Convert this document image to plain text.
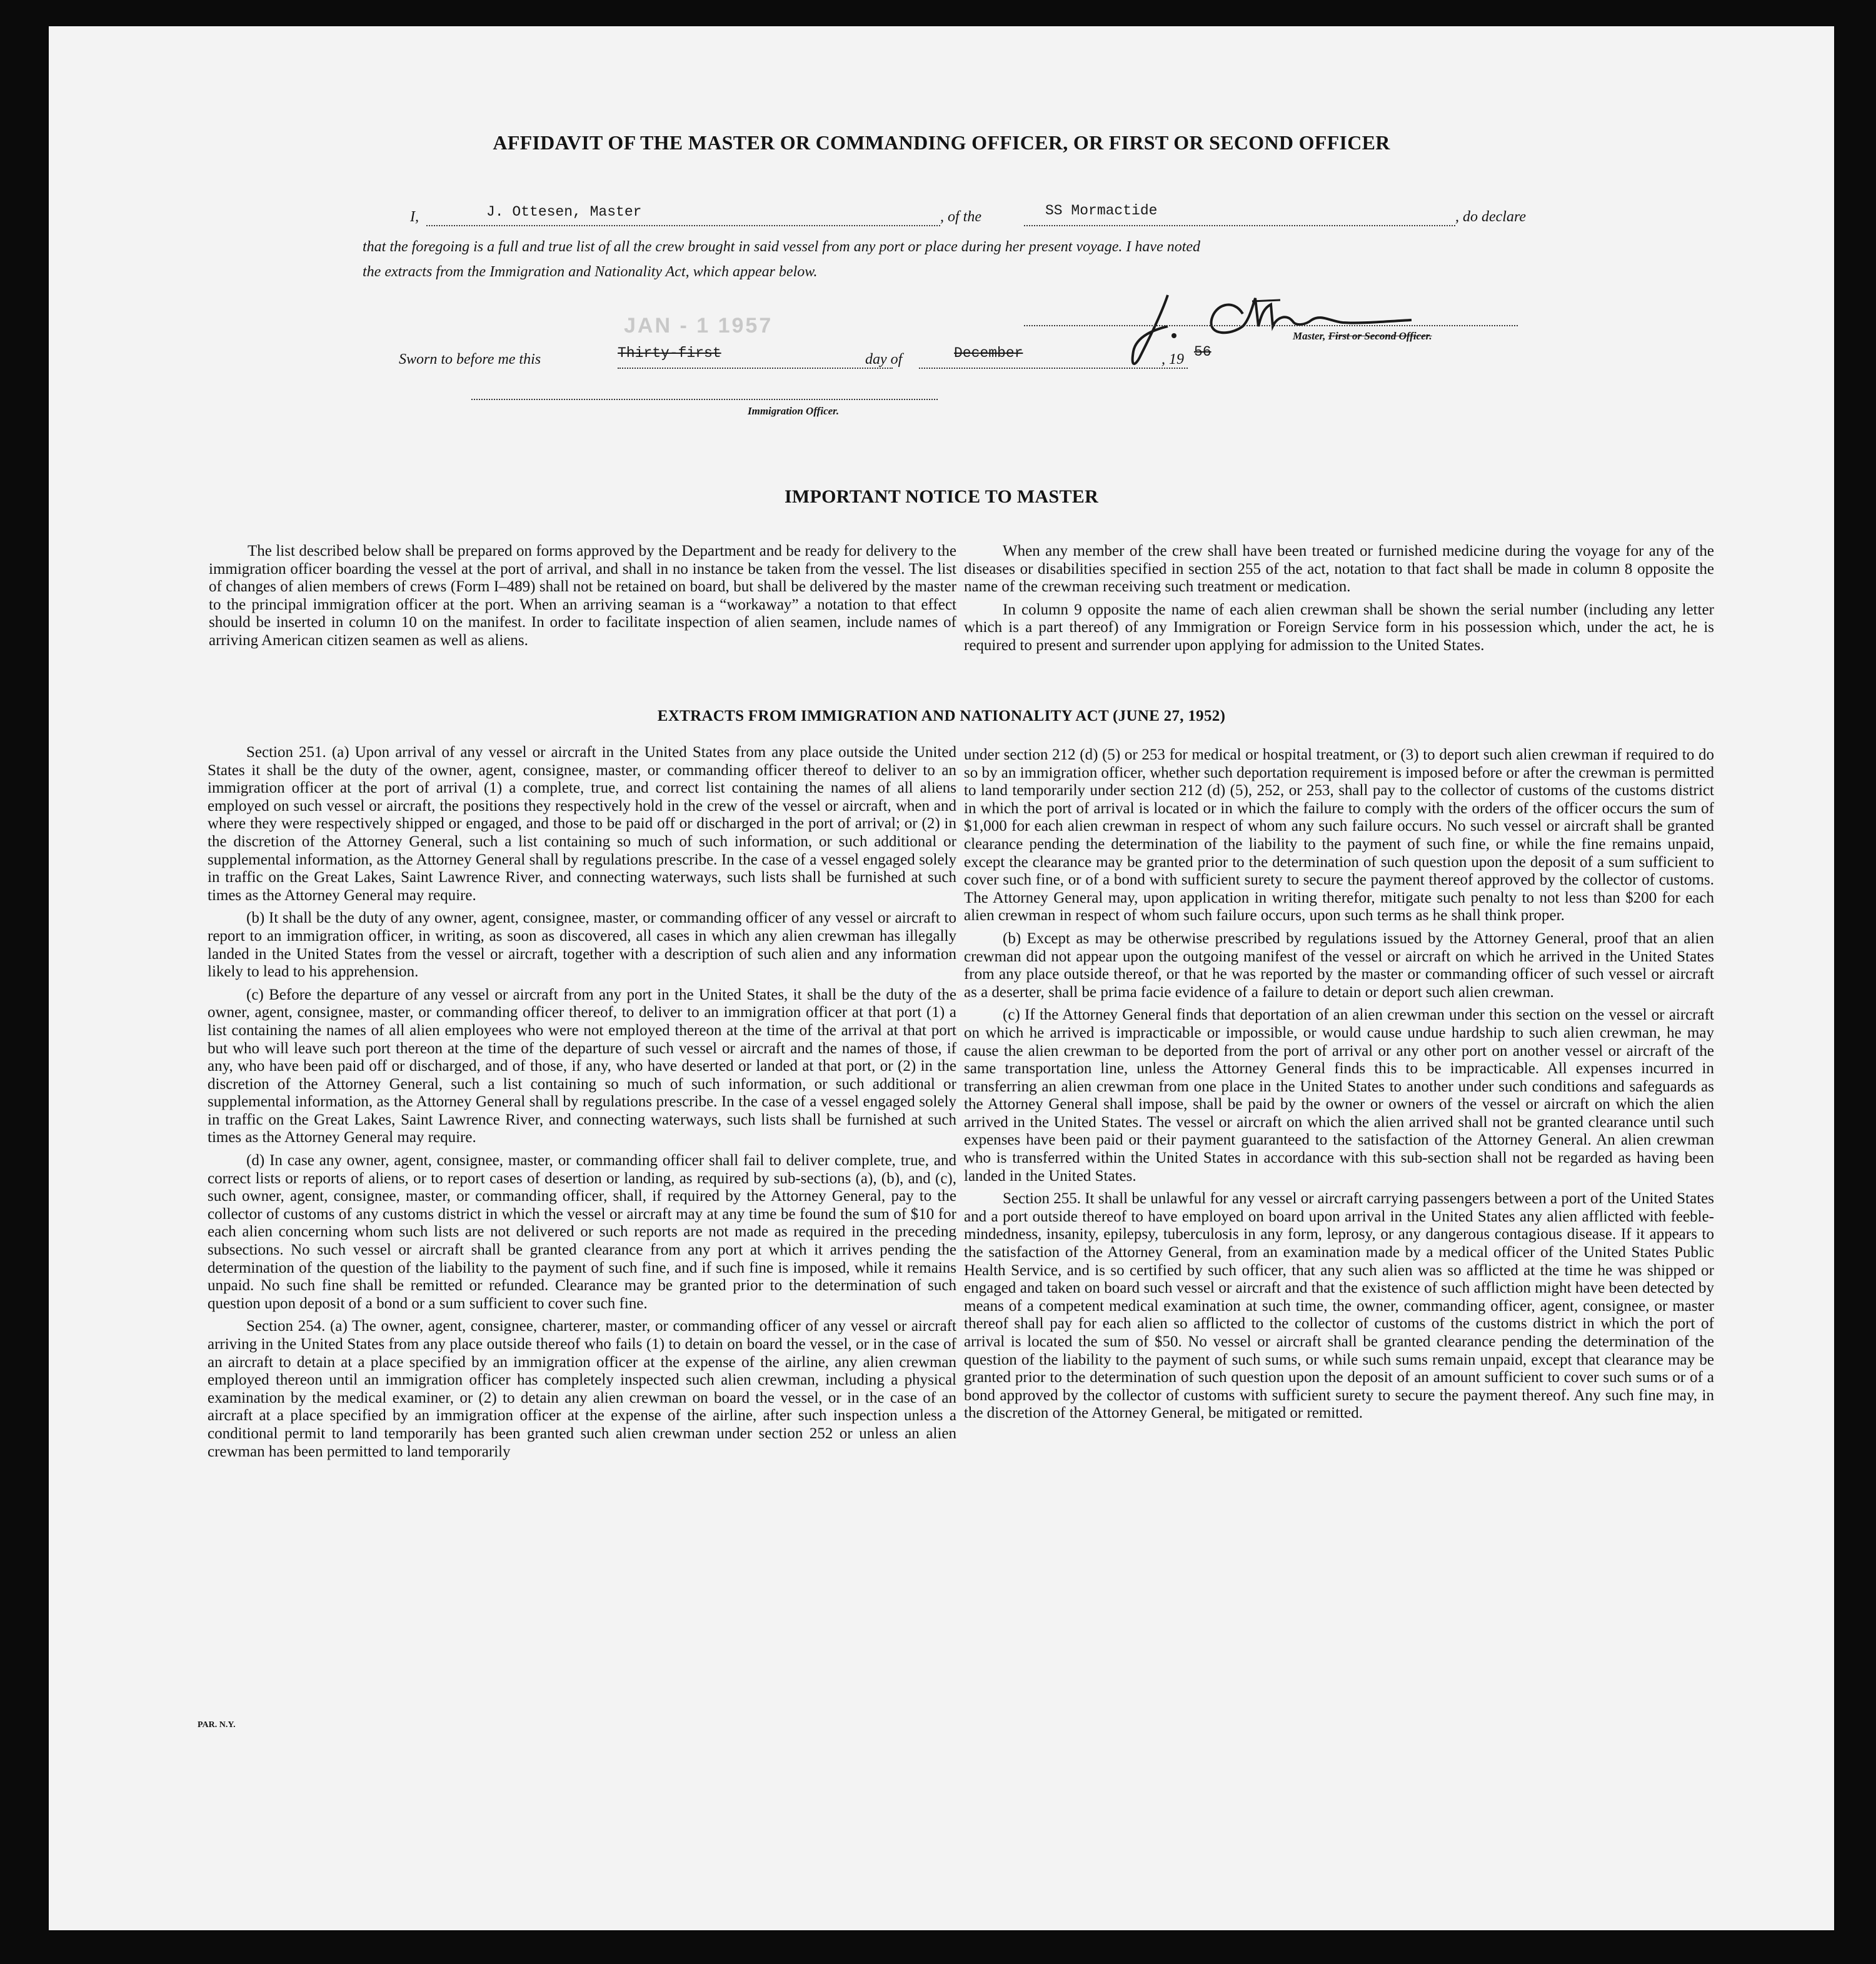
AFFIDAVIT OF THE MASTER OR COMMANDING OFFICER, OR FIRST OR SECOND OFFICER
I,	J. Ottesen, Master	, of the	SS Mormactide	, do declare
that the foregoing is a full and true list of all the crew brought in said vessel from any port or place during her present voyage. I have noted
the extracts from the Immigration and Nationality Act, which appear below.
Master, First or Second Officer.
JAN - 1 1957
Sworn to before me this	Thirty-first	day of	December	, 19 56
Immigration Officer.
IMPORTANT NOTICE TO MASTER

The list described below shall be prepared on forms approved by the Department and be ready for delivery to the immigration officer boarding the vessel at the port of arrival, and shall in no instance be taken from the vessel. The list of changes of alien members of crews (Form I–489) shall not be retained on board, but shall be delivered by the master to the principal immigration officer at the port. When an arriving seaman is a “workaway” a notation to that effect should be inserted in column 10 on the manifest. In order to facilitate inspection of alien seamen, include names of arriving American citizen seamen as well as aliens.

When any member of the crew shall have been treated or furnished medicine during the voyage for any of the diseases or disabilities specified in section 255 of the act, notation to that fact shall be made in column 8 opposite the name of the crewman receiving such treatment or medication.

In column 9 opposite the name of each alien crewman shall be shown the serial number (including any letter which is a part thereof) of any Immigration or Foreign Service form in his possession which, under the act, he is required to present and surrender upon applying for admission to the United States.

EXTRACTS FROM IMMIGRATION AND NATIONALITY ACT (JUNE 27, 1952)

Section 251. (a) Upon arrival of any vessel or aircraft in the United States from any place outside the United States it shall be the duty of the owner, agent, consignee, master, or commanding officer thereof to deliver to an immigration officer at the port of arrival (1) a complete, true, and correct list containing the names of all aliens employed on such vessel or aircraft, the positions they respectively hold in the crew of the vessel or aircraft, when and where they were respectively shipped or engaged, and those to be paid off or discharged in the port of arrival; or (2) in the discretion of the Attorney General, such a list containing so much of such information, or such additional or supplemental information, as the Attorney General shall by regulations prescribe. In the case of a vessel engaged solely in traffic on the Great Lakes, Saint Lawrence River, and connecting waterways, such lists shall be furnished at such times as the Attorney General may require.

(b) It shall be the duty of any owner, agent, consignee, master, or commanding officer of any vessel or aircraft to report to an immigration officer, in writing, as soon as discovered, all cases in which any alien crewman has illegally landed in the United States from the vessel or aircraft, together with a description of such alien and any information likely to lead to his apprehension.

(c) Before the departure of any vessel or aircraft from any port in the United States, it shall be the duty of the owner, agent, consignee, master, or commanding officer thereof, to deliver to an immigration officer at that port (1) a list containing the names of all alien employees who were not employed thereon at the time of the arrival at that port but who will leave such port thereon at the time of the departure of such vessel or aircraft and the names of those, if any, who have been paid off or discharged, and of those, if any, who have deserted or landed at that port, or (2) in the discretion of the Attorney General, such a list containing so much of such information, or such additional or supplemental information, as the Attorney General shall by regulations prescribe. In the case of a vessel engaged solely in traffic on the Great Lakes, Saint Lawrence River, and connecting waterways, such lists shall be furnished at such times as the Attorney General may require.

(d) In case any owner, agent, consignee, master, or commanding officer shall fail to deliver complete, true, and correct lists or reports of aliens, or to report cases of desertion or landing, as required by sub-sections (a), (b), and (c), such owner, agent, consignee, master, or commanding officer, shall, if required by the Attorney General, pay to the collector of customs of any customs district in which the vessel or aircraft may at any time be found the sum of $10 for each alien concerning whom such lists are not delivered or such reports are not made as required in the preceding subsections. No such vessel or aircraft shall be granted clearance from any port at which it arrives pending the determination of the question of the liability to the payment of such fine, and if such fine is imposed, while it remains unpaid. No such fine shall be remitted or refunded. Clearance may be granted prior to the determination of such question upon deposit of a bond or a sum sufficient to cover such fine.

Section 254. (a) The owner, agent, consignee, charterer, master, or commanding officer of any vessel or aircraft arriving in the United States from any place outside thereof who fails (1) to detain on board the vessel, or in the case of an aircraft to detain at a place specified by an immigration officer at the expense of the airline, any alien crewman employed thereon until an immigration officer has completely inspected such alien crewman, including a physical examination by the medical examiner, or (2) to detain any alien crewman on board the vessel, or in the case of an aircraft at a place specified by an immigration officer at the expense of the airline, after such inspection unless a conditional permit to land temporarily has been granted such alien crewman under section 252 or unless an alien crewman has been permitted to land temporarily

under section 212 (d) (5) or 253 for medical or hospital treatment, or (3) to deport such alien crewman if required to do so by an immigration officer, whether such deportation requirement is imposed before or after the crewman is permitted to land temporarily under section 212 (d) (5), 252, or 253, shall pay to the collector of customs of the customs district in which the port of arrival is located or in which the failure to comply with the orders of the officer occurs the sum of $1,000 for each alien crewman in respect of whom any such failure occurs. No such vessel or aircraft shall be granted clearance pending the determination of the liability to the payment of such fine, or while the fine remains unpaid, except the clearance may be granted prior to the determination of such question upon the deposit of a sum sufficient to cover such fine, or of a bond with sufficient surety to secure the payment thereof approved by the collector of customs. The Attorney General may, upon application in writing therefor, mitigate such penalty to not less than $200 for each alien crewman in respect of whom such failure occurs, upon such terms as he shall think proper.

(b) Except as may be otherwise prescribed by regulations issued by the Attorney General, proof that an alien crewman did not appear upon the outgoing manifest of the vessel or aircraft on which he arrived in the United States from any place outside thereof, or that he was reported by the master or commanding officer of such vessel or aircraft as a deserter, shall be prima facie evidence of a failure to detain or deport such alien crewman.

(c) If the Attorney General finds that deportation of an alien crewman under this section on the vessel or aircraft on which he arrived is impracticable or impossible, or would cause undue hardship to such alien crewman, he may cause the alien crewman to be deported from the port of arrival or any other port on another vessel or aircraft of the same transportation line, unless the Attorney General finds this to be impracticable. All expenses incurred in transferring an alien crewman from one place in the United States to another under such conditions and safeguards as the Attorney General shall impose, shall be paid by the owner or owners of the vessel or aircraft on which the alien arrived in the United States. The vessel or aircraft on which the alien arrived shall not be granted clearance until such expenses have been paid or their payment guaranteed to the satisfaction of the Attorney General. An alien crewman who is transferred within the United States in accordance with this sub-section shall not be regarded as having been landed in the United States.

Section 255. It shall be unlawful for any vessel or aircraft carrying passengers between a port of the United States and a port outside thereof to have employed on board upon arrival in the United States any alien afflicted with feeble-mindedness, insanity, epilepsy, tuberculosis in any form, leprosy, or any dangerous contagious disease. If it appears to the satisfaction of the Attorney General, from an examination made by a medical officer of the United States Public Health Service, and is so certified by such officer, that any such alien was so afflicted at the time he was shipped or engaged and taken on board such vessel or aircraft and that the existence of such affliction might have been detected by means of a competent medical examination at such time, the owner, commanding officer, agent, consignee, or master thereof shall pay for each alien so afflicted to the collector of customs of the customs district in which the port of arrival is located the sum of $50. No vessel or aircraft shall be granted clearance pending the determination of the question of the liability to the payment of such sums, or while such sums remain unpaid, except that clearance may be granted prior to the determination of such question upon the deposit of an amount sufficient to cover such sums or of a bond approved by the collector of customs with sufficient surety to secure the payment thereof. Any such fine may, in the discretion of the Attorney General, be mitigated or remitted.

PAR. N.Y.
